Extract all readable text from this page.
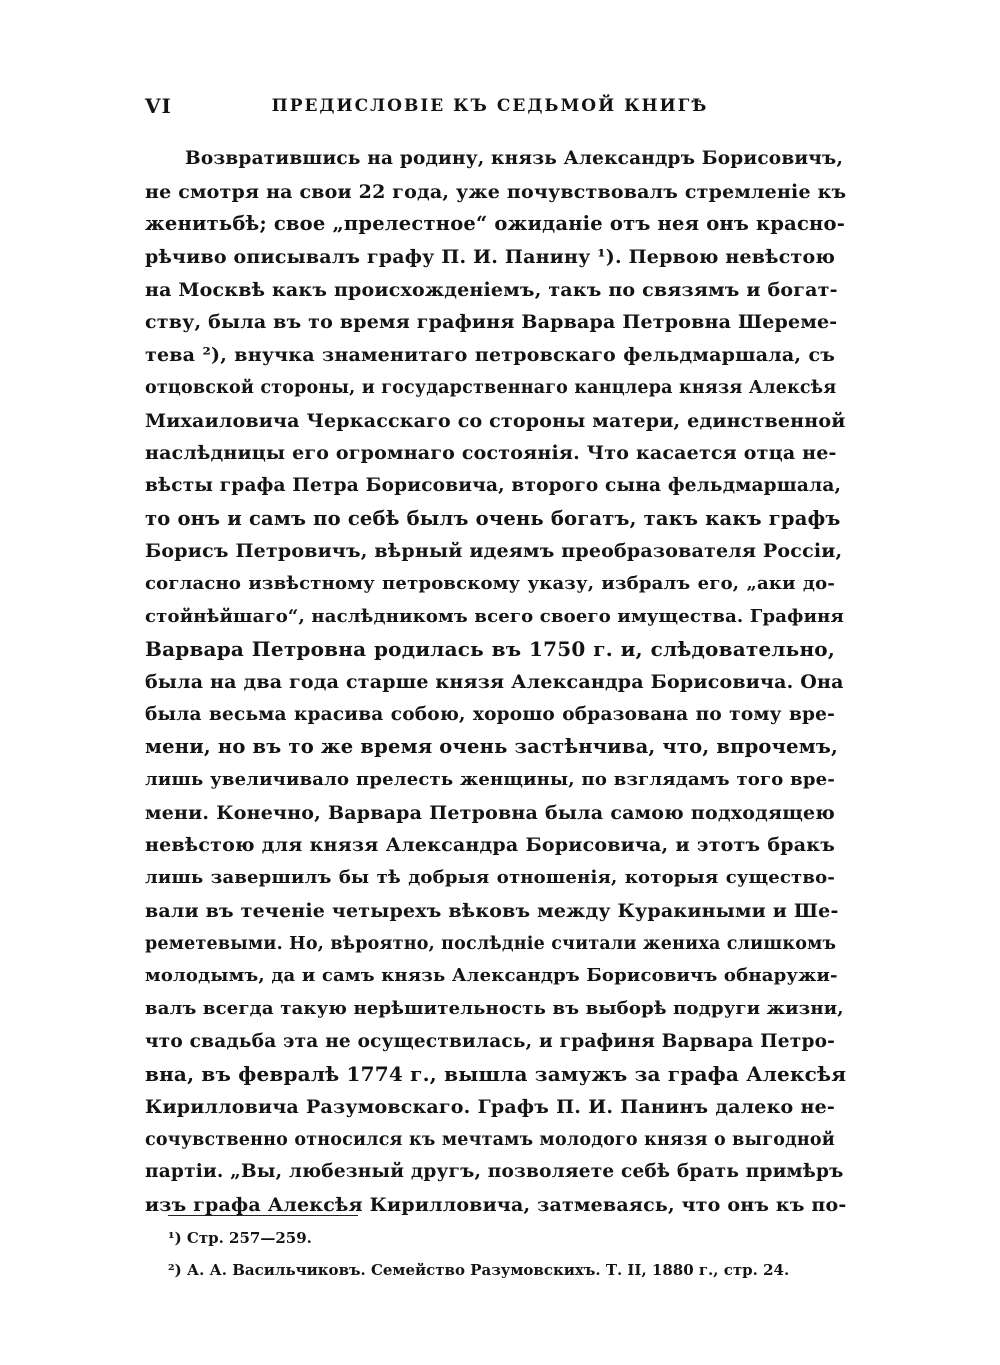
VI	ПРЕДИСЛОВІЕ КЪ СЕДЬМОЙ КНИГѢ
Возвратившись на родину, князь Александръ Борисовичъ,
не смотря на свои 22 года, уже почувствовалъ стремленіе къ
женитьбѣ; свое „прелестное“ ожиданіе отъ нея онъ красно-
рѣчиво описывалъ графу П. И. Панину ¹). Первою невѣстою
на Москвѣ какъ происхожденіемъ, такъ по связямъ и богат-
ству, была въ то время графиня Варвара Петровна Шереме-
тева ²), внучка знаменитаго петровскаго фельдмаршала, съ
отцовской стороны, и государственнаго канцлера князя Алексѣя
Михаиловича Черкасскаго со стороны матери, единственной
наслѣдницы его огромнаго состоянія. Что касается отца не-
вѣсты графа Петра Борисовича, второго сына фельдмаршала,
то онъ и самъ по себѣ былъ очень богатъ, такъ какъ графъ
Борисъ Петровичъ, вѣрный идеямъ преобразователя Россіи,
согласно извѣстному петровскому указу, избралъ его, „аки до-
стойнѣйшаго“, наслѣдникомъ всего своего имущества. Графиня
Варвара Петровна родилась въ 1750 г. и, слѣдовательно,
была на два года старше князя Александра Борисовича. Она
была весьма красива собою, хорошо образована по тому вре-
мени, но въ то же время очень застѣнчива, что, впрочемъ,
лишь увеличивало прелесть женщины, по взглядамъ того вре-
мени. Конечно, Варвара Петровна была самою подходящею
невѣстою для князя Александра Борисовича, и этотъ бракъ
лишь завершилъ бы тѣ добрыя отношенія, которыя существо-
вали въ теченіе четырехъ вѣковъ между Куракиными и Ше-
реметевыми. Но, вѣроятно, послѣдніе считали жениха слишкомъ
молодымъ, да и самъ князь Александръ Борисовичъ обнаружи-
валъ всегда такую нерѣшительность въ выборѣ подруги жизни,
что свадьба эта не осуществилась, и графиня Варвара Петро-
вна, въ февралѣ 1774 г., вышла замужъ за графа Алексѣя
Кирилловича Разумовскаго. Графъ П. И. Панинъ далеко не-
сочувственно относился къ мечтамъ молодого князя о выгодной
партіи. „Вы, любезный другъ, позволяете себѣ брать примѣръ
изъ графа Алексѣя Кирилловича, затмеваясь, что онъ къ по-
¹) Стр. 257—259.
²) А. А. Васильчиковъ. Семейство Разумовскихъ. Т. II, 1880 г., стр. 24.
